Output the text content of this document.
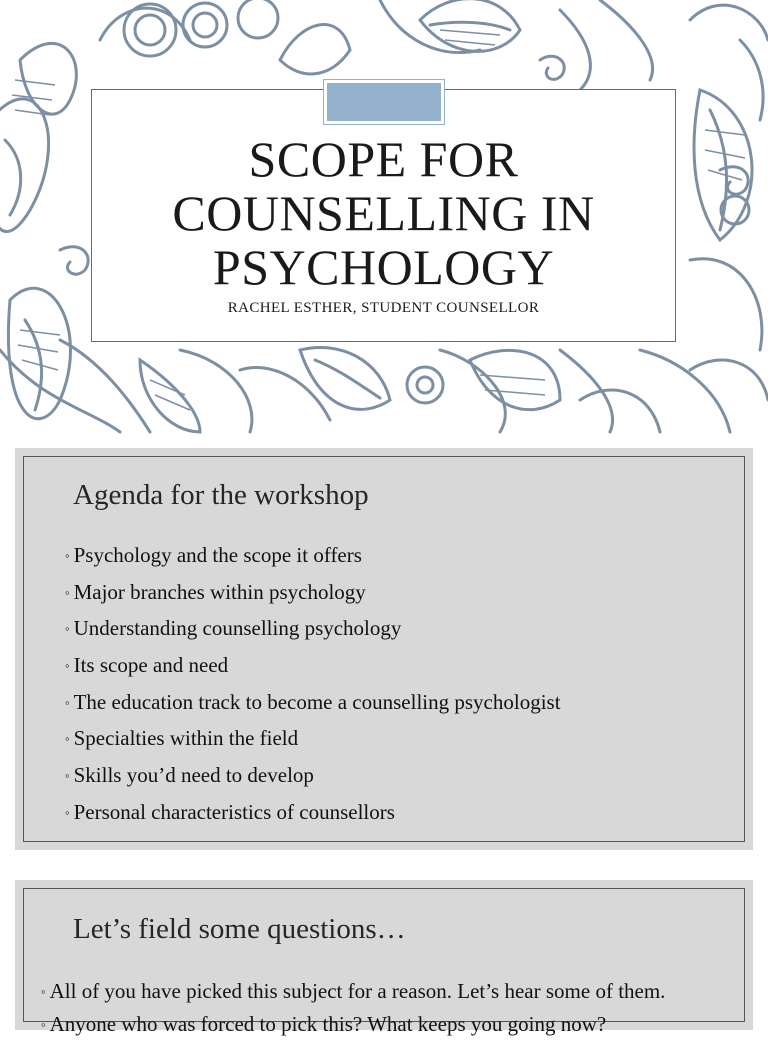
SCOPE FOR
COUNSELLING IN
PSYCHOLOGY
RACHEL ESTHER, STUDENT COUNSELLOR
Agenda for the workshop
◦ Psychology and the scope it offers
◦ Major branches within psychology
◦ Understanding counselling psychology
◦ Its scope and need
◦ The education track to become a counselling psychologist
◦ Specialties within the field
◦ Skills you’d need to develop
◦ Personal characteristics of counsellors
Let’s field some questions…
◦ All of you have picked this subject for a reason. Let’s hear some of them.
◦ Anyone who was forced to pick this? What keeps you going now?
